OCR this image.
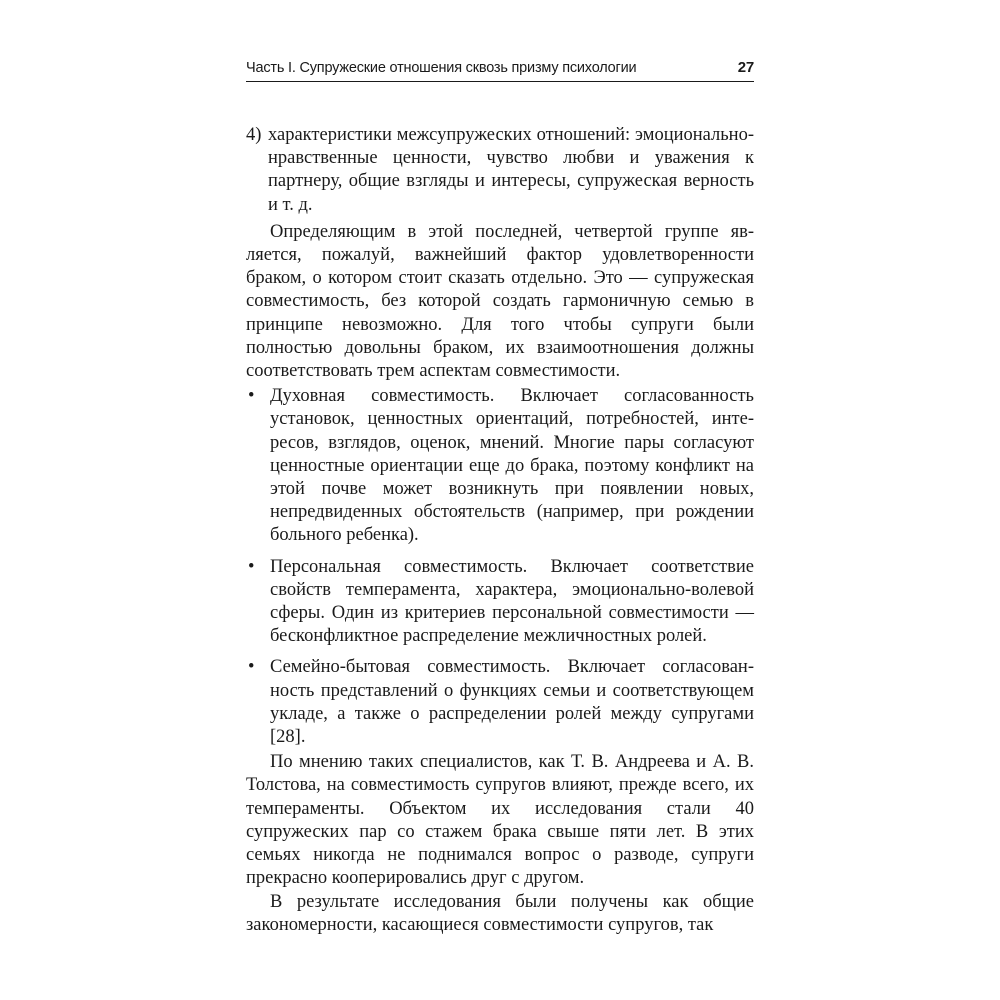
Часть I. Супружеские отношения сквозь призму психологии	27
4) характеристики межсупружеских отношений: эмоционально-нравственные ценности, чувство любви и уважения к партнеру, общие взгляды и интересы, супружеская верность и т. д.

Определяющим в этой последней, четвертой группе является, пожалуй, важнейший фактор удовлетворенности браком, о котором стоит сказать отдельно. Это — супружеская совместимость, без которой создать гармоничную семью в принципе невозможно. Для того чтобы супруги были полностью довольны браком, их взаимоотношения должны соответствовать трем аспектам совместимости.

• Духовная совместимость. Включает согласованность установок, ценностных ориентаций, потребностей, интересов, взглядов, оценок, мнений. Многие пары согласуют ценностные ориентации еще до брака, поэтому конфликт на этой почве может возникнуть при появлении новых, непредвиденных обстоятельств (например, при рождении больного ребенка).
• Персональная совместимость. Включает соответствие свойств темперамента, характера, эмоционально-волевой сферы. Один из критериев персональной совместимости — бесконфликтное распределение межличностных ролей.
• Семейно-бытовая совместимость. Включает согласованность представлений о функциях семьи и соответствующем укладе, а также о распределении ролей между супругами [28].

По мнению таких специалистов, как Т. В. Андреева и А. В. Толстова, на совместимость супругов влияют, прежде всего, их темпераменты. Объектом их исследования стали 40 супружеских пар со стажем брака свыше пяти лет. В этих семьях никогда не поднимался вопрос о разводе, супруги прекрасно кооперировались друг с другом.

В результате исследования были получены как общие закономерности, касающиеся совместимости супругов, так
